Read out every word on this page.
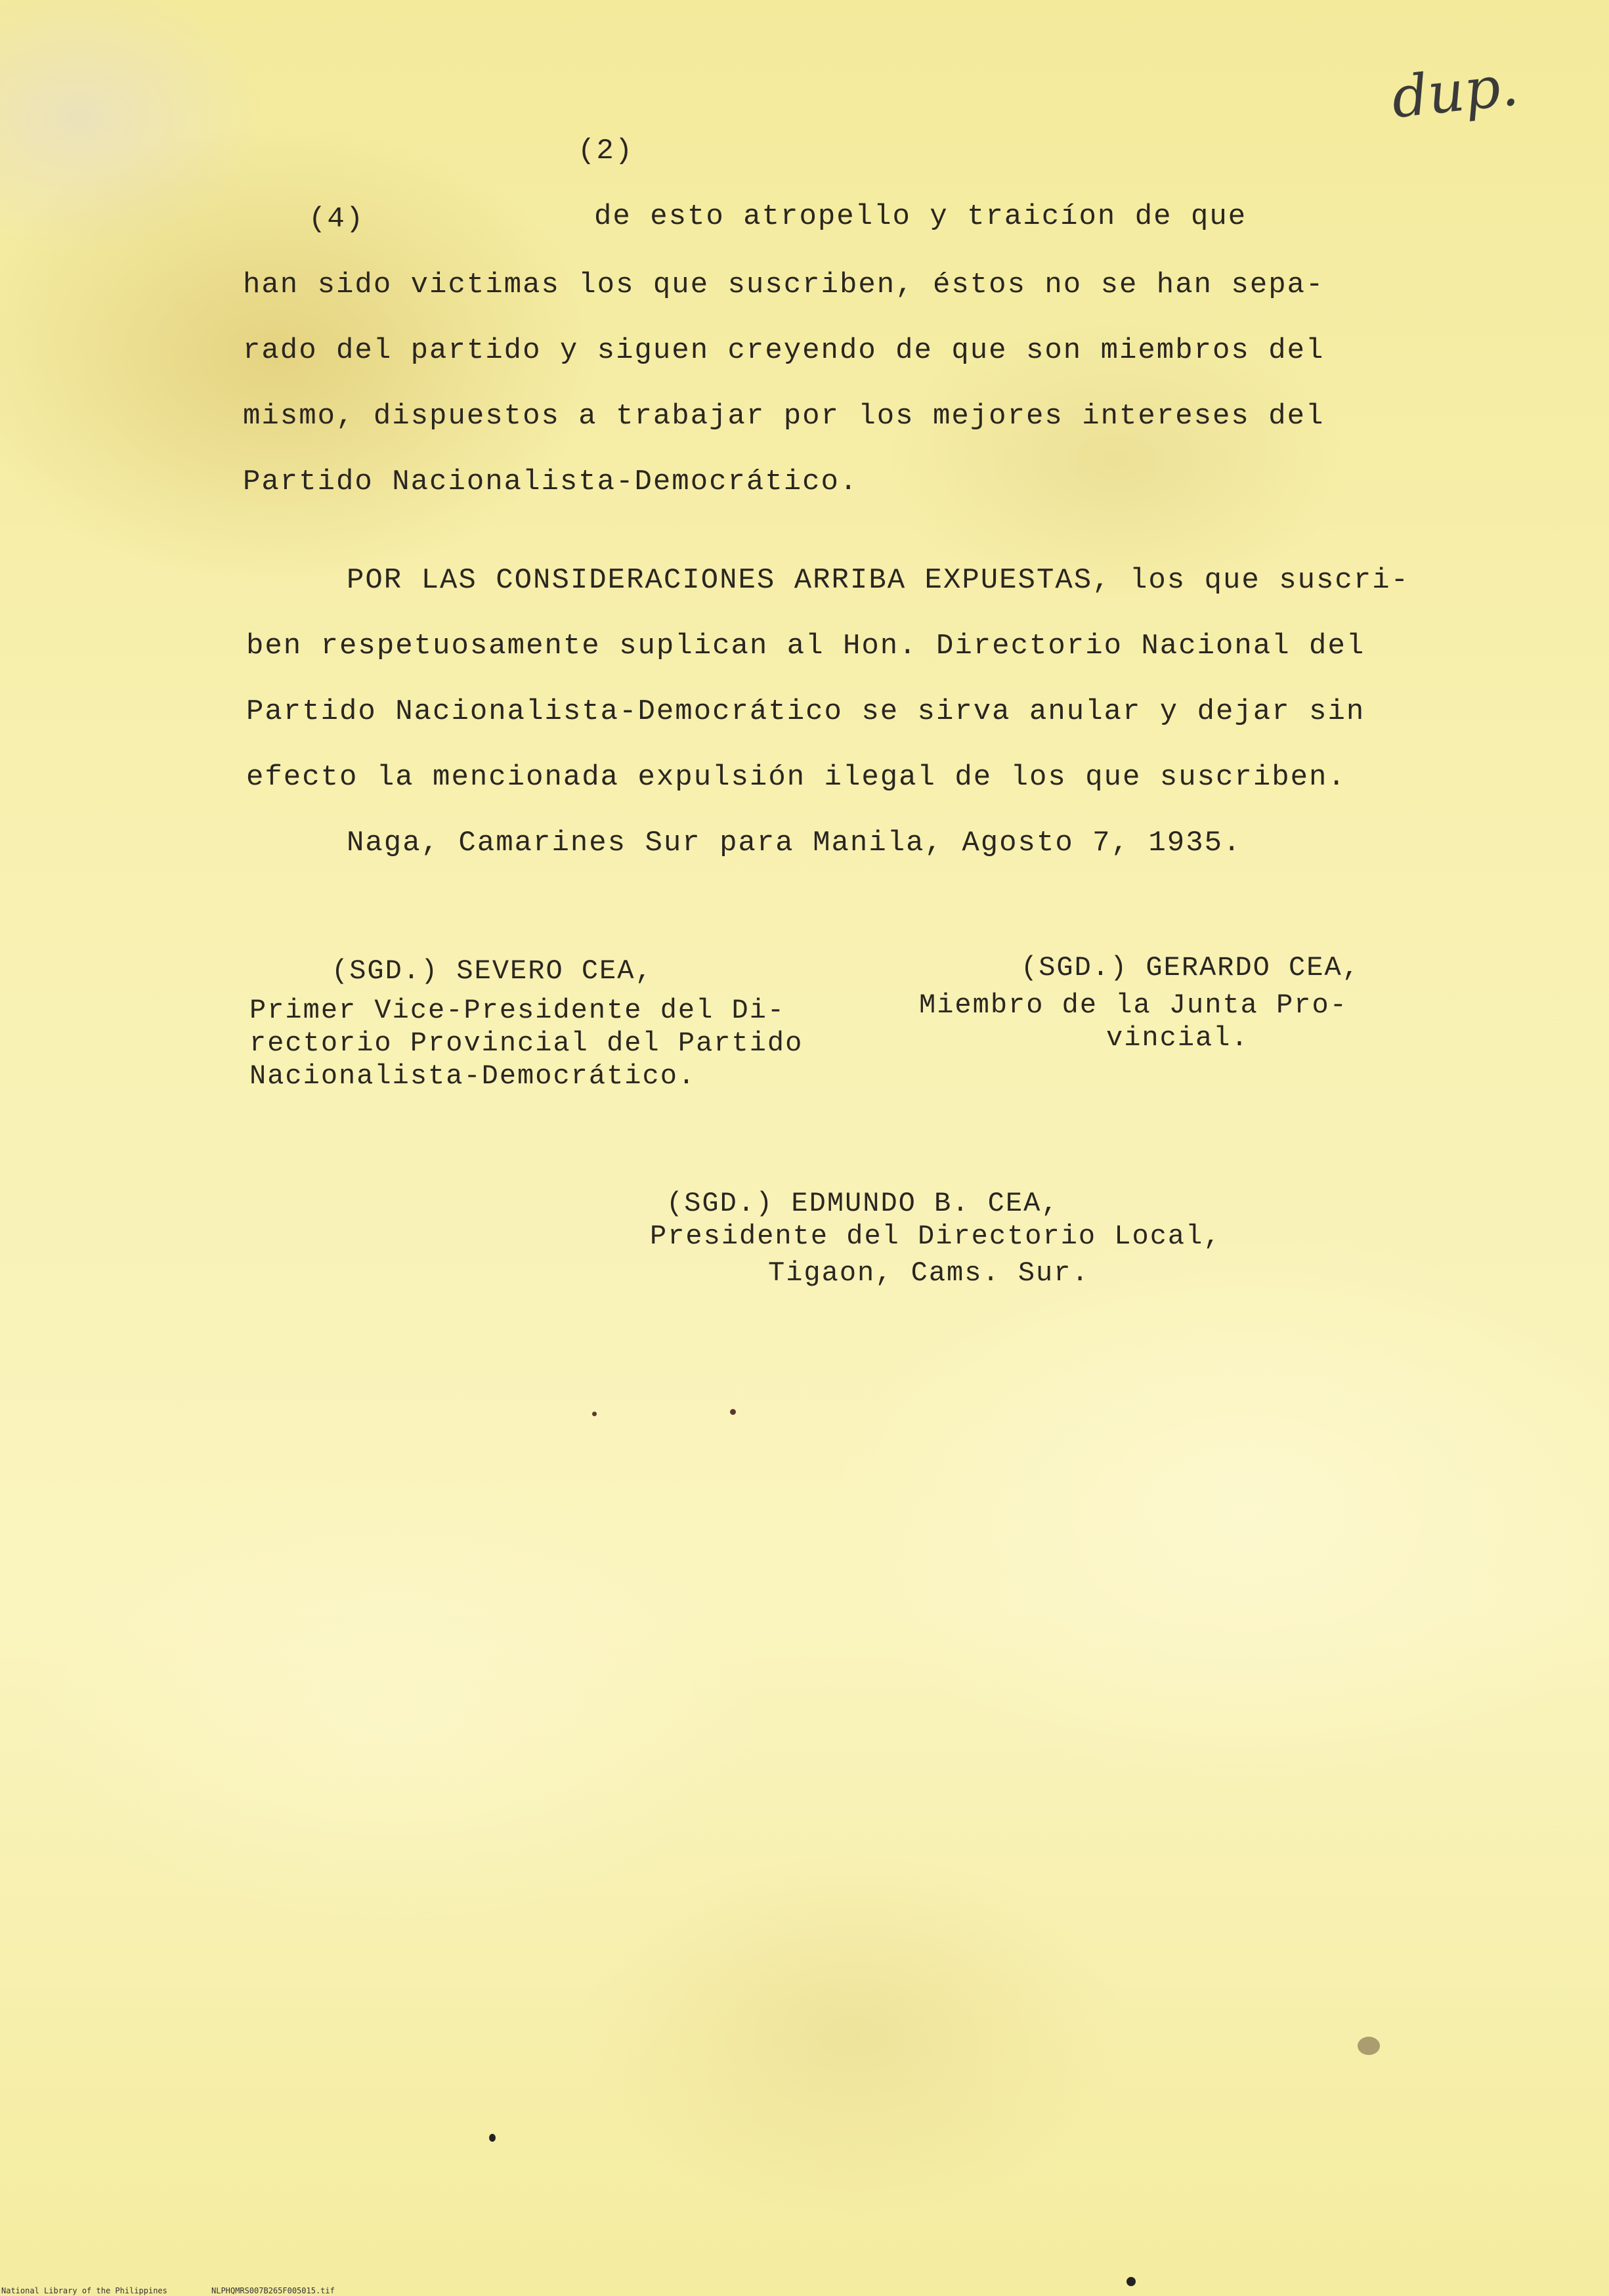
dup.
(2)
(4)	de esto atropello y traicíon de que
han sido victimas los que suscriben, éstos no se han sepa-
rado del partido y siguen creyendo de que son miembros del
mismo, dispuestos a trabajar por los mejores intereses del
Partido Nacionalista-Democrático.
POR LAS CONSIDERACIONES ARRIBA EXPUESTAS, los que suscri-
ben respetuosamente suplican al Hon. Directorio Nacional del
Partido Nacionalista-Democrático se sirva anular y dejar sin
efecto la mencionada expulsión ilegal de los que suscriben.
Naga, Camarines Sur para Manila, Agosto 7, 1935.
(SGD.) SEVERO CEA,
Primer Vice-Presidente del Di-
rectorio Provincial del Partido
Nacionalista-Democrático.
(SGD.) GERARDO CEA,
Miembro de la Junta Pro-
vincial.
(SGD.) EDMUNDO B. CEA,
Presidente del Directorio Local,
Tigaon, Cams. Sur.
National Library of the Philippines	NLPHQMRS007B265F005015.tif
